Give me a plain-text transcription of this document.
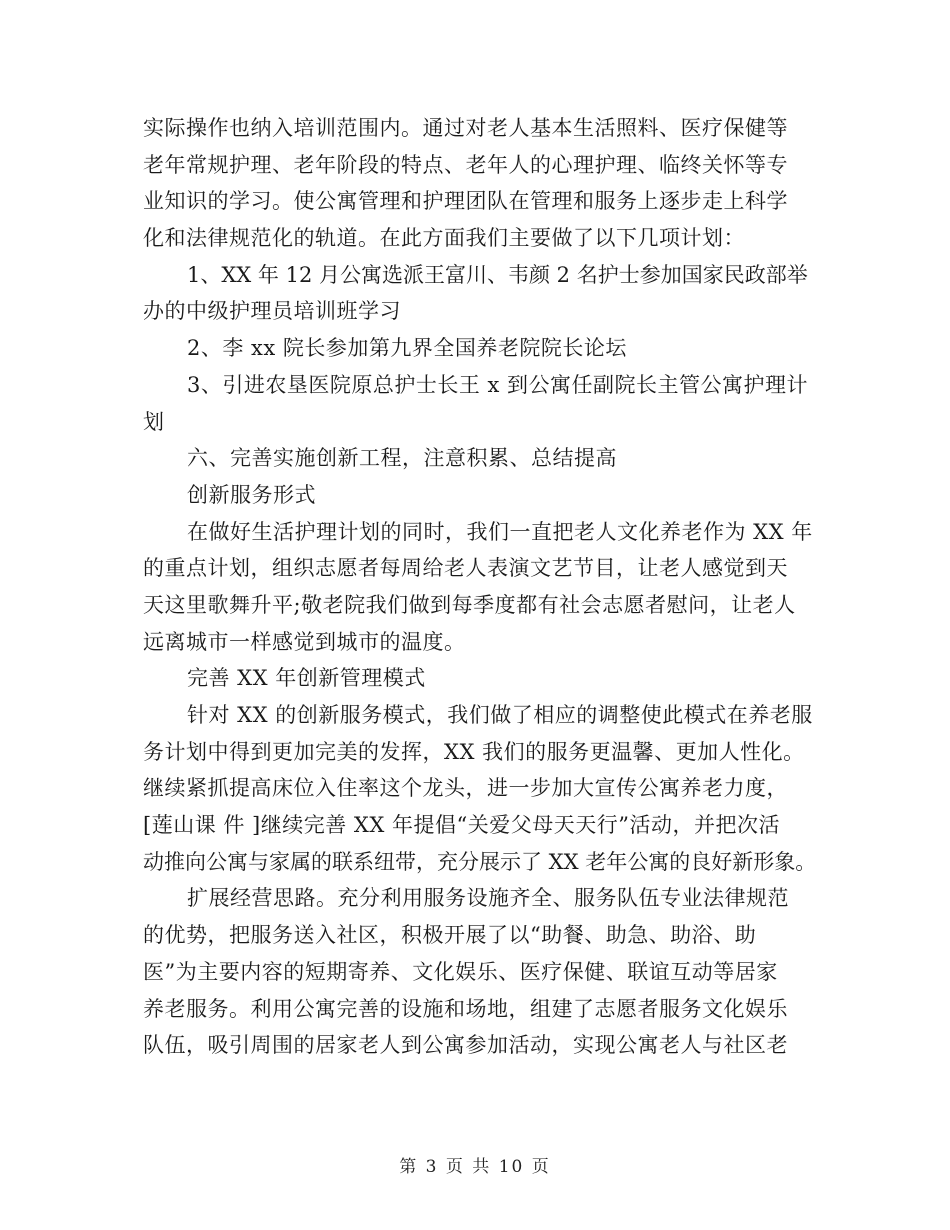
实际操作也纳入培训范围内。通过对老人基本生活照料、医疗保健等
老年常规护理、老年阶段的特点、老年人的心理护理、临终关怀等专
业知识的学习。使公寓管理和护理团队在管理和服务上逐步走上科学
化和法律规范化的轨道。在此方面我们主要做了以下几项计划：
1、XX 年 12 月公寓选派王富川、韦颜 2 名护士参加国家民政部举
办的中级护理员培训班学习
2、李 xx 院长参加第九界全国养老院院长论坛
3、引进农垦医院原总护士长王 x 到公寓任副院长主管公寓护理计
划
六、完善实施创新工程，注意积累、总结提高
创新服务形式
在做好生活护理计划的同时，我们一直把老人文化养老作为 XX 年
的重点计划，组织志愿者每周给老人表演文艺节目，让老人感觉到天
天这里歌舞升平;敬老院我们做到每季度都有社会志愿者慰问，让老人
远离城市一样感觉到城市的温度。
完善 XX 年创新管理模式
针对 XX 的创新服务模式，我们做了相应的调整使此模式在养老服
务计划中得到更加完美的发挥，XX 我们的服务更温馨、更加人性化。
继续紧抓提高床位入住率这个龙头，进一步加大宣传公寓养老力度，
[莲山课 件 ]继续完善 XX 年提倡“关爱父母天天行”活动，并把次活
动推向公寓与家属的联系纽带，充分展示了 XX 老年公寓的良好新形象。
扩展经营思路。充分利用服务设施齐全、服务队伍专业法律规范
的优势，把服务送入社区，积极开展了以“助餐、助急、助浴、助
医”为主要内容的短期寄养、文化娱乐、医疗保健、联谊互动等居家
养老服务。利用公寓完善的设施和场地，组建了志愿者服务文化娱乐
队伍，吸引周围的居家老人到公寓参加活动，实现公寓老人与社区老
第 3 页 共 10 页
